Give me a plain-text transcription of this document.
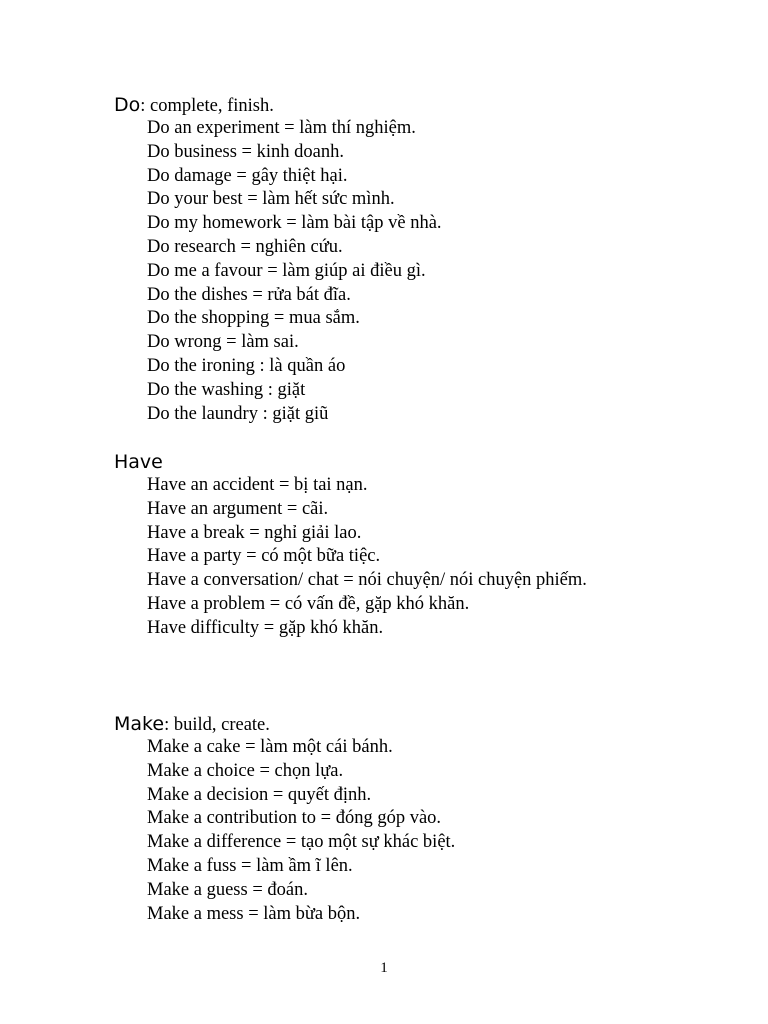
Do: complete, finish.
Do an experiment = làm thí nghiệm.
Do business = kinh doanh.
Do damage = gây thiệt hại.
Do your best = làm hết sức mình.
Do my homework = làm bài tập về nhà.
Do research = nghiên cứu.
Do me a favour = làm giúp ai điều gì.
Do the dishes = rửa bát đĩa.
Do the shopping = mua sắm.
Do wrong = làm sai.
Do the ironing : là quần áo
Do the washing : giặt
Do the laundry : giặt giũ
Have
Have an accident = bị tai nạn.
Have an argument = cãi.
Have a break = nghỉ giải lao.
Have a party = có một bữa tiệc.
Have a conversation/ chat = nói chuyện/ nói chuyện phiếm.
Have a problem = có vấn đề, gặp khó khăn.
Have difficulty = gặp khó khăn.
Make: build, create.
Make a cake = làm một cái bánh.
Make a choice = chọn lựa.
Make a decision = quyết định.
Make a contribution to = đóng góp vào.
Make a difference = tạo một sự khác biệt.
Make a fuss = làm ầm ĩ lên.
Make a guess = đoán.
Make a mess = làm bừa bộn.
1
